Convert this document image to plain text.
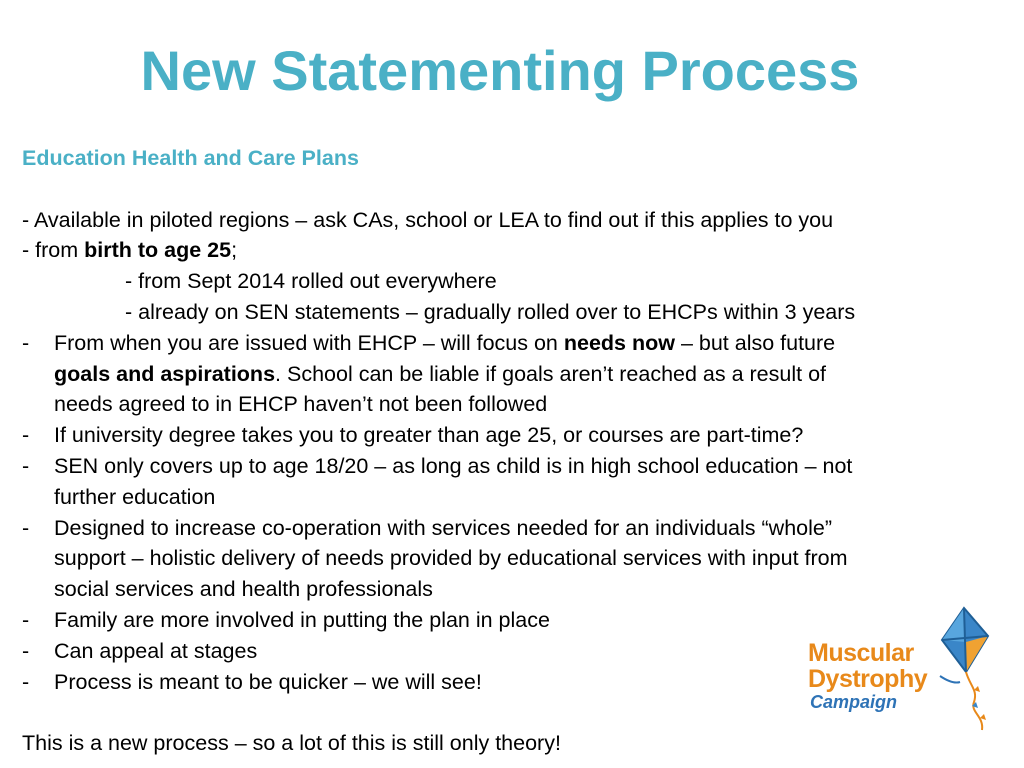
New Statementing Process
Education Health and Care Plans
- Available in piloted regions – ask CAs, school or LEA to find out if this applies to you
- from birth to age 25;
- from Sept 2014 rolled out everywhere
- already on SEN statements – gradually rolled over to EHCPs within 3 years
- From when you are issued with EHCP – will focus on needs now – but also future
goals and aspirations. School can be liable if goals aren’t reached as a result of
needs agreed to in EHCP haven’t not been followed
- If university degree takes you to greater than age 25, or courses are part-time?
- SEN only covers up to age 18/20 – as long as child is in high school education – not
further education
- Designed to increase co-operation with services needed for an individuals “whole”
support – holistic delivery of needs provided by educational services with input from
social services and health professionals
- Family are more involved in putting the plan in place
- Can appeal at stages
- Process is meant to be quicker – we will see!
This is a new process – so a lot of this is still only theory!
Muscular
Dystrophy
Campaign
